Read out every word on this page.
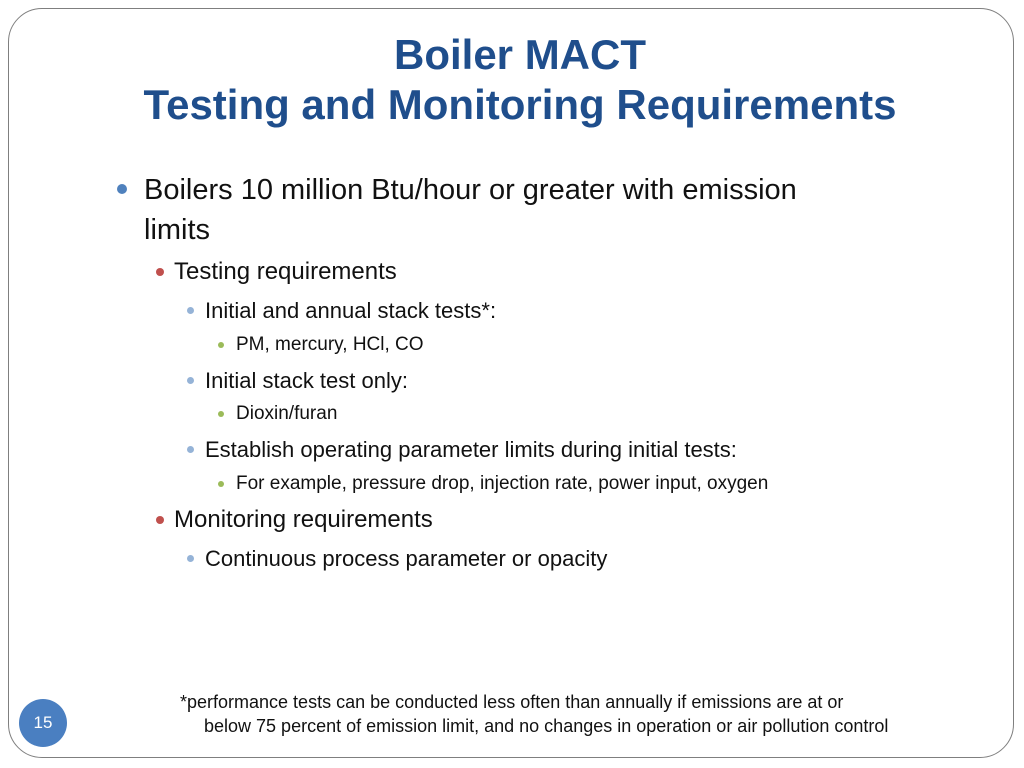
Boiler MACT
Testing and Monitoring Requirements
Boilers 10 million Btu/hour or greater with emission
limits
Testing requirements
Initial and annual stack tests*:
PM, mercury, HCl, CO
Initial stack test only:
Dioxin/furan
Establish operating parameter limits during initial tests:
For example, pressure drop, injection rate, power input, oxygen
Monitoring requirements
Continuous process parameter or opacity
*performance tests can be conducted less often than annually if emissions are at or
below 75 percent of emission limit, and no changes in operation or air pollution control
15
